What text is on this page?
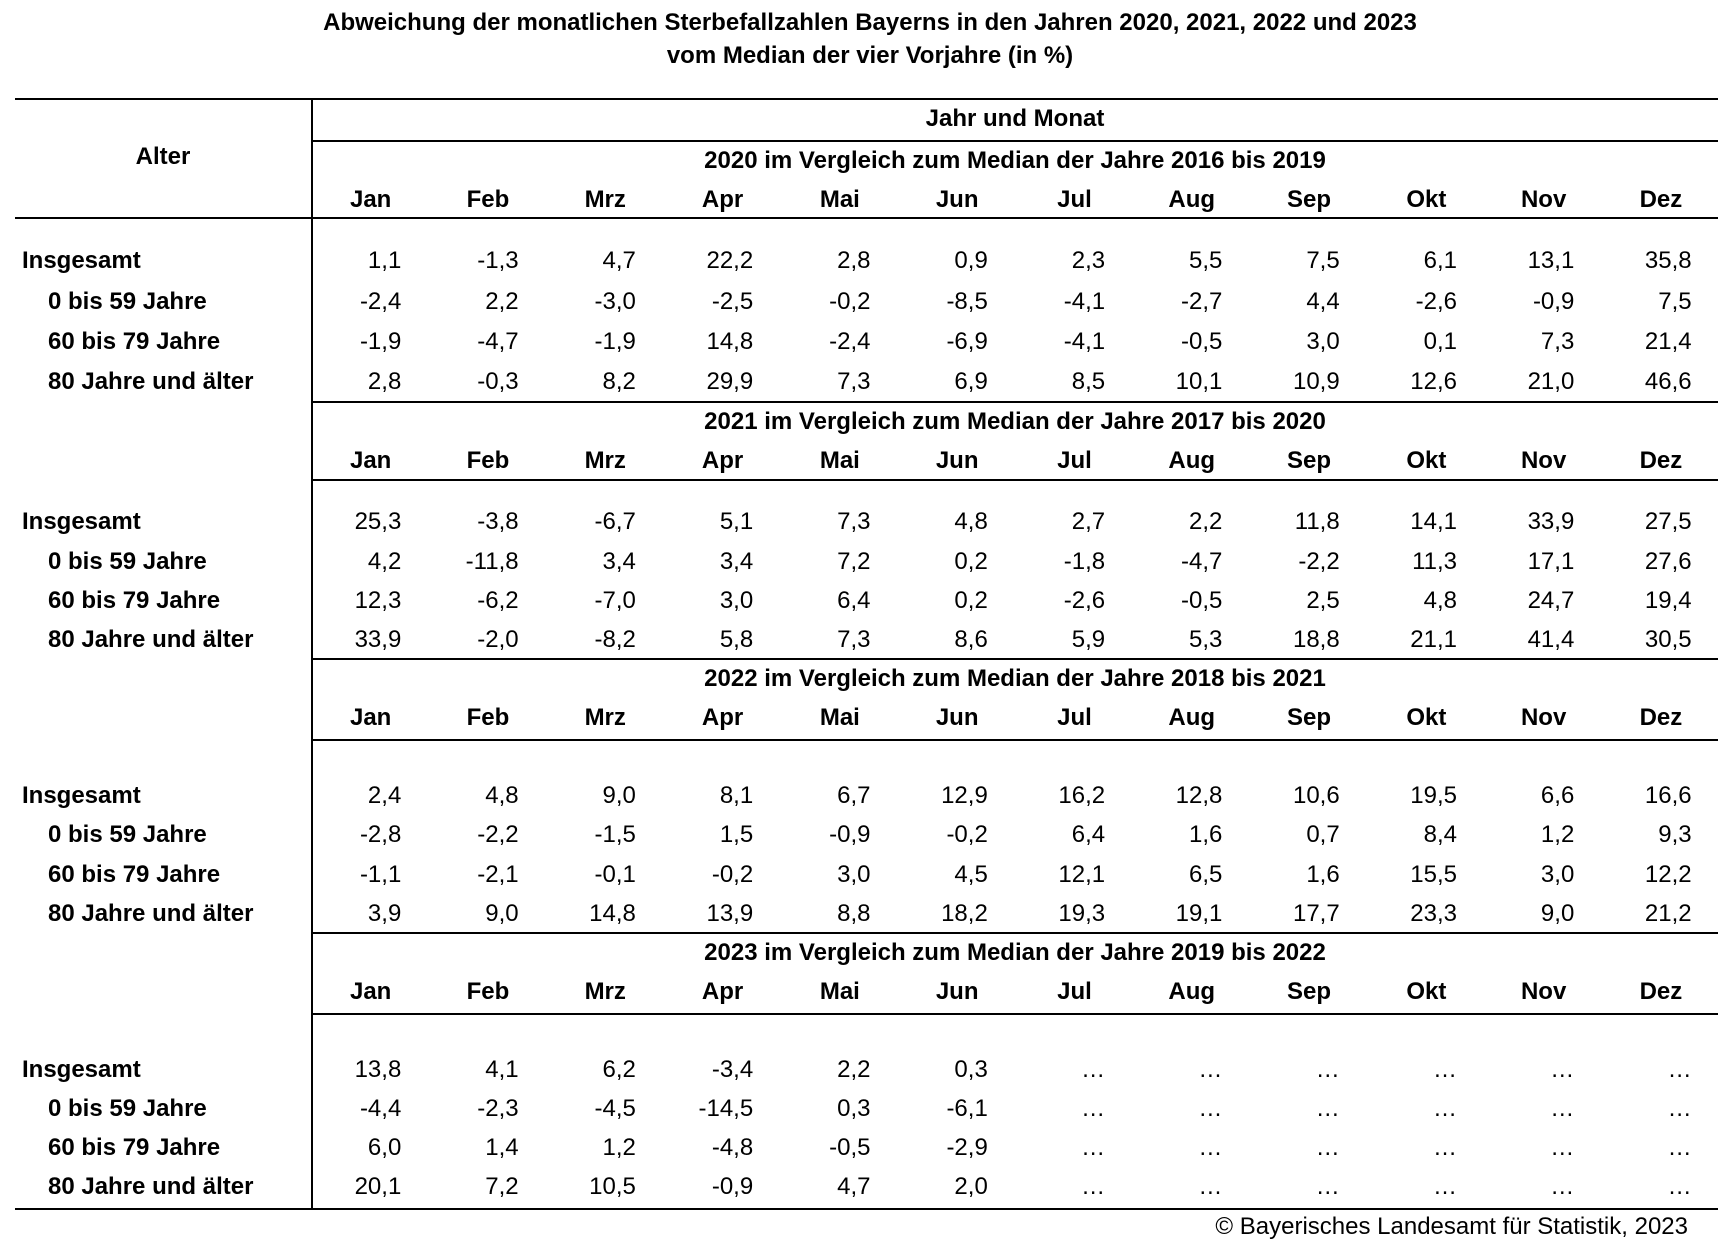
Abweichung der monatlichen Sterbefallzahlen Bayerns in den Jahren 2020, 2021, 2022 und 2023
vom Median der vier Vorjahre (in %)
Alter
Jahr und Monat
2020 im Vergleich zum Median der Jahre 2016 bis 2019
Jan	Feb	Mrz	Apr	Mai	Jun	Jul	Aug	Sep	Okt	Nov	Dez
Insgesamt	1,1	-1,3	4,7	22,2	2,8	0,9	2,3	5,5	7,5	6,1	13,1	35,8
0 bis 59 Jahre	-2,4	2,2	-3,0	-2,5	-0,2	-8,5	-4,1	-2,7	4,4	-2,6	-0,9	7,5
60 bis 79 Jahre	-1,9	-4,7	-1,9	14,8	-2,4	-6,9	-4,1	-0,5	3,0	0,1	7,3	21,4
80 Jahre und älter	2,8	-0,3	8,2	29,9	7,3	6,9	8,5	10,1	10,9	12,6	21,0	46,6
2021 im Vergleich zum Median der Jahre 2017 bis 2020
Jan	Feb	Mrz	Apr	Mai	Jun	Jul	Aug	Sep	Okt	Nov	Dez
Insgesamt	25,3	-3,8	-6,7	5,1	7,3	4,8	2,7	2,2	11,8	14,1	33,9	27,5
0 bis 59 Jahre	4,2	-11,8	3,4	3,4	7,2	0,2	-1,8	-4,7	-2,2	11,3	17,1	27,6
60 bis 79 Jahre	12,3	-6,2	-7,0	3,0	6,4	0,2	-2,6	-0,5	2,5	4,8	24,7	19,4
80 Jahre und älter	33,9	-2,0	-8,2	5,8	7,3	8,6	5,9	5,3	18,8	21,1	41,4	30,5
2022 im Vergleich zum Median der Jahre 2018 bis 2021
Jan	Feb	Mrz	Apr	Mai	Jun	Jul	Aug	Sep	Okt	Nov	Dez
Insgesamt	2,4	4,8	9,0	8,1	6,7	12,9	16,2	12,8	10,6	19,5	6,6	16,6
0 bis 59 Jahre	-2,8	-2,2	-1,5	1,5	-0,9	-0,2	6,4	1,6	0,7	8,4	1,2	9,3
60 bis 79 Jahre	-1,1	-2,1	-0,1	-0,2	3,0	4,5	12,1	6,5	1,6	15,5	3,0	12,2
80 Jahre und älter	3,9	9,0	14,8	13,9	8,8	18,2	19,3	19,1	17,7	23,3	9,0	21,2
2023 im Vergleich zum Median der Jahre 2019 bis 2022
Jan	Feb	Mrz	Apr	Mai	Jun	Jul	Aug	Sep	Okt	Nov	Dez
Insgesamt	13,8	4,1	6,2	-3,4	2,2	0,3	…	…	…	…	…	…
0 bis 59 Jahre	-4,4	-2,3	-4,5	-14,5	0,3	-6,1	…	…	…	…	…	…
60 bis 79 Jahre	6,0	1,4	1,2	-4,8	-0,5	-2,9	…	…	…	…	…	…
80 Jahre und älter	20,1	7,2	10,5	-0,9	4,7	2,0	…	…	…	…	…	…
© Bayerisches Landesamt für Statistik, 2023
